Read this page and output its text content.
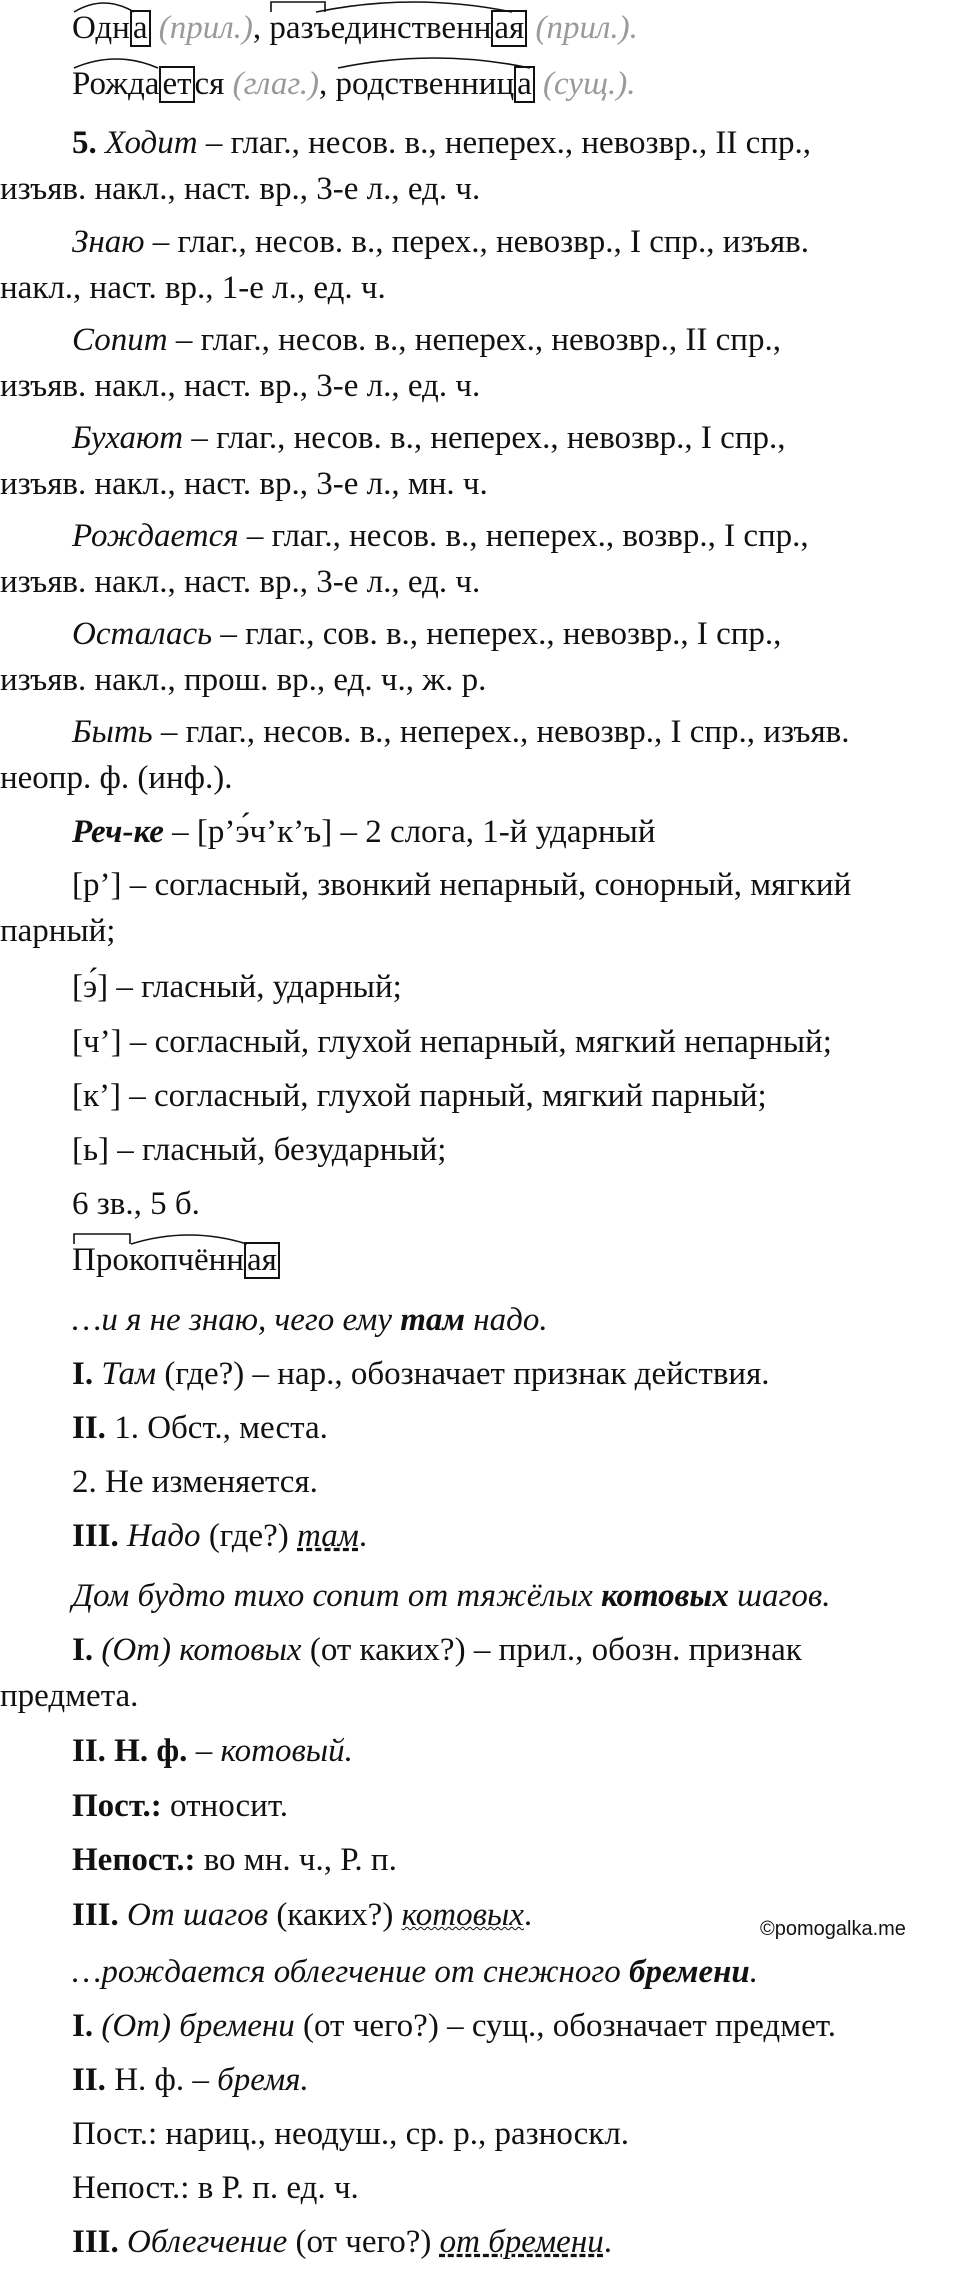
Одна (прил.), раз
ъединственная (прил.).
Рождается (глаг.), родственница (сущ.).
5. Ходит – глаг., несов. в., неперех., невозвр., II спр.,
изъяв. накл., наст. вр., 3-е л., ед. ч.
Знаю – глаг., несов. в., перех., невозвр., I спр., изъяв.
накл., наст. вр., 1-е л., ед. ч.
Сопит – глаг., несов. в., неперех., невозвр., II спр.,
изъяв. накл., наст. вр., 3-е л., ед. ч.
Бухают – глаг., несов. в., неперех., невозвр., I спр.,
изъяв. накл., наст. вр., 3-е л., мн. ч.
Рождается – глаг., несов. в., неперех., возвр., I спр.,
изъяв. накл., наст. вр., 3-е л., ед. ч.
Осталась – глаг., сов. в., неперех., невозвр., I спр.,
изъяв. накл., прош. вр., ед. ч., ж. р.
Быть – глаг., несов. в., неперех., невозвр., I спр., изъяв.
неопр. ф. (инф.).
Реч-ке – [р’э́ч’к’ъ] – 2 слога, 1-й ударный
[р’] – согласный, звонкий непарный, сонорный, мягкий
парный;
[э́] – гласный, ударный;
[ч’] – согласный, глухой непарный, мягкий непарный;
[к’] – согласный, глухой парный, мягкий парный;
[ь] – гласный, безударный;
6 зв., 5 б.
Про
копчённая
…и я не знаю, чего ему там надо.
I. Там (где?) – нар., обозначает признак действия.
II. 1. Обст., места.
2. Не изменяется.
III. Надо (где?) там.
Дом будто тихо сопит от тяжёлых котовых шагов.
I. (От) котовых (от каких?) – прил., обозн. признак
предмета.
II. Н. ф. – котовый.
Пост.: относит.
Непост.: во мн. ч., Р. п.
III. От шагов (каких?) котовых.	©pomogalka.me
…рождается облегчение от снежного бремени.
I. (От) бремени (от чего?) – сущ., обозначает предмет.
II. Н. ф. – бремя.
Пост.: нариц., неодуш., ср. р., разноскл.
Непост.: в Р. п. ед. ч.
III. Облегчение (от чего?) от бремени.
